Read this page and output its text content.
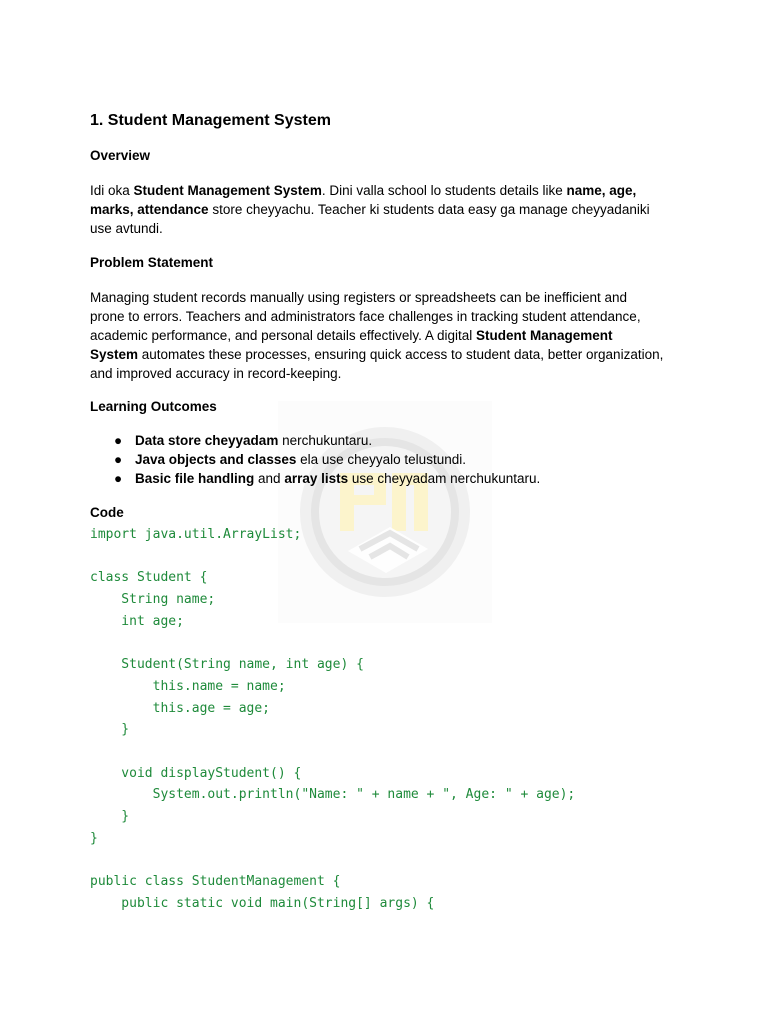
1. Student Management System
Overview
Idi oka Student Management System. Dini valla school lo students details like name, age,
marks, attendance store cheyyachu. Teacher ki students data easy ga manage cheyyadaniki
use avtundi.
Problem Statement
Managing student records manually using registers or spreadsheets can be inefficient and
prone to errors. Teachers and administrators face challenges in tracking student attendance,
academic performance, and personal details effectively. A digital Student Management
System automates these processes, ensuring quick access to student data, better organization,
and improved accuracy in record-keeping.
Learning Outcomes
● Data store cheyyadam nerchukuntaru.
● Java objects and classes ela use cheyyalo telustundi.
● Basic file handling and array lists use cheyyadam nerchukuntaru.
Code
import java.util.ArrayList;
class Student {
String name;
int age;
Student(String name, int age) {
this.name = name;
this.age = age;
}
void displayStudent() {
System.out.println("Name: " + name + ", Age: " + age);
}
}
public class StudentManagement {
public static void main(String[] args) {
